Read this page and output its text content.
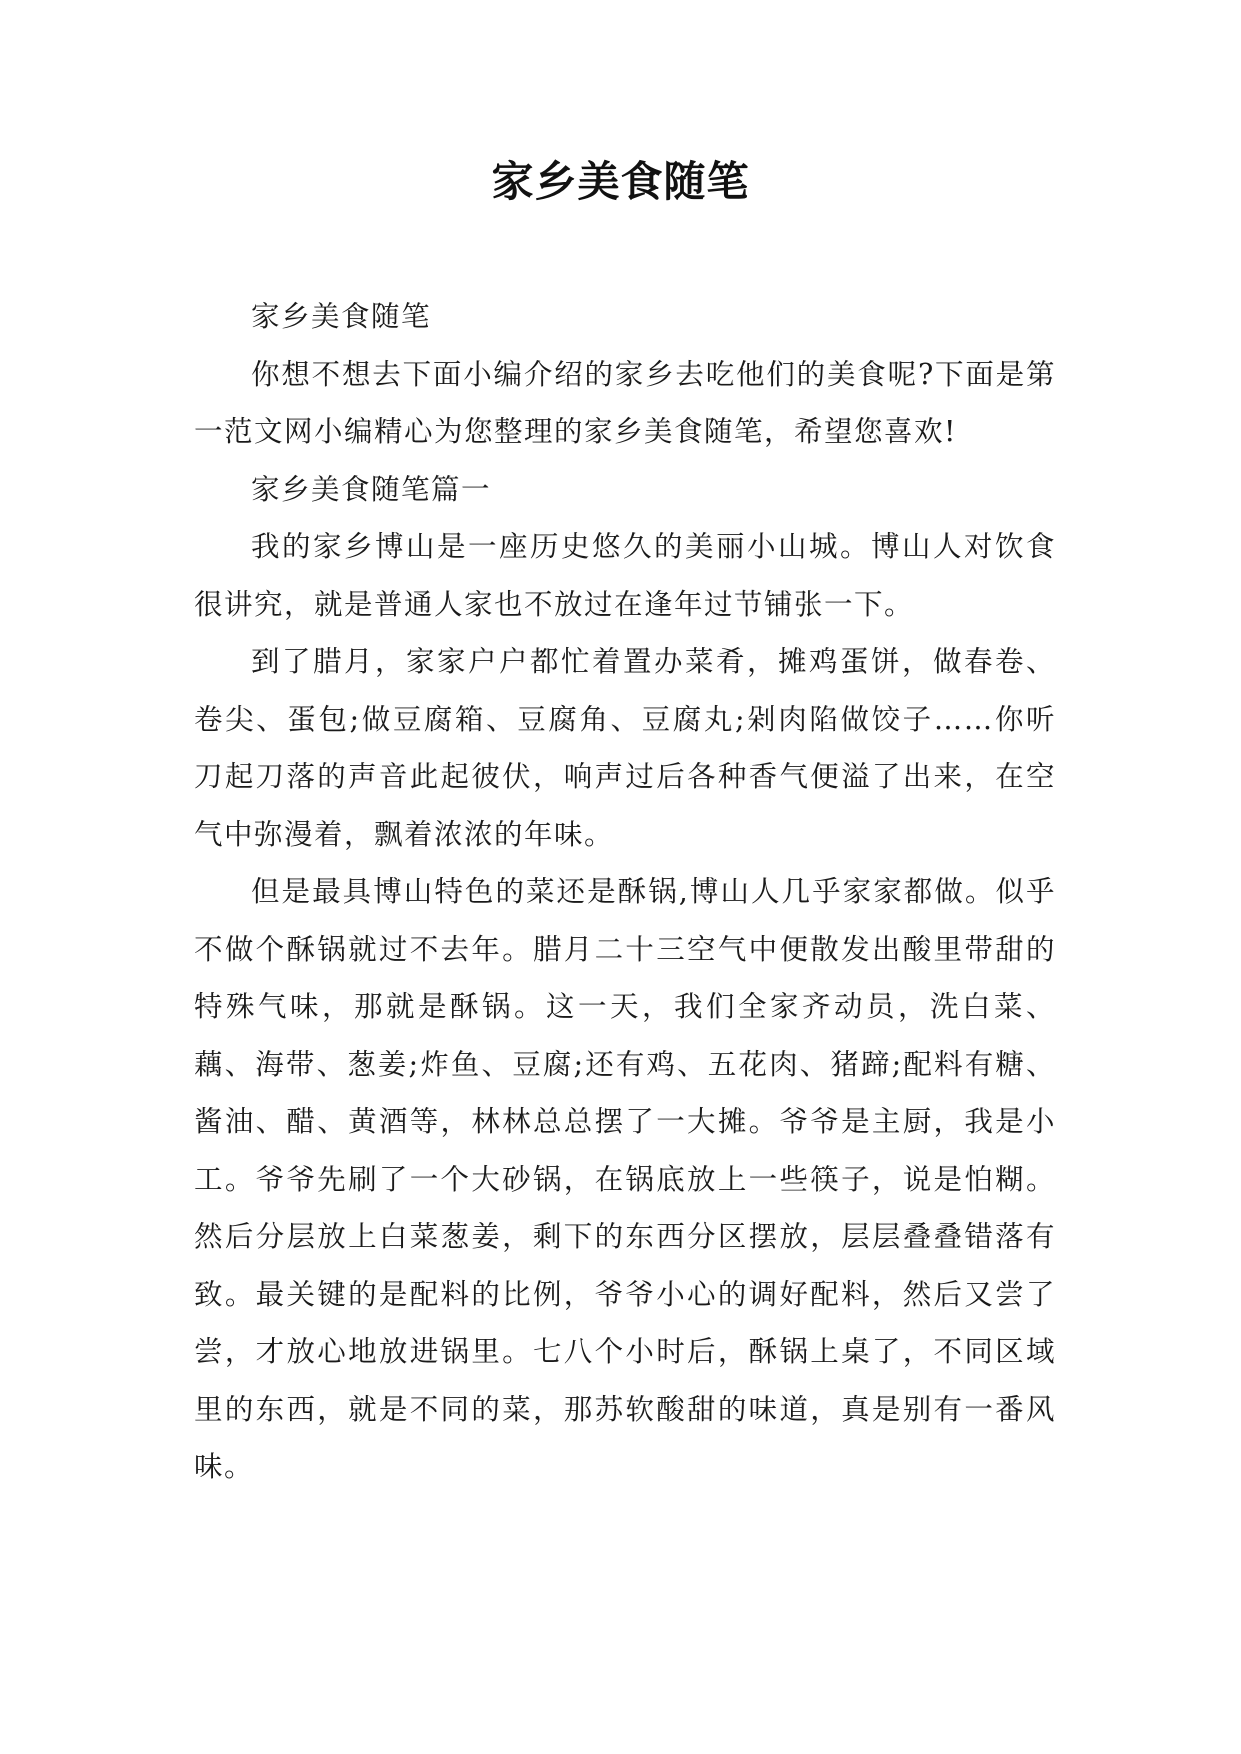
家乡美食随笔

家乡美食随笔

你想不想去下面小编介绍的家乡去吃他们的美食呢?下面是第一范文网小编精心为您整理的家乡美食随笔，希望您喜欢!

家乡美食随笔篇一

我的家乡博山是一座历史悠久的美丽小山城。博山人对饮食很讲究，就是普通人家也不放过在逢年过节铺张一下。

到了腊月，家家户户都忙着置办菜肴，摊鸡蛋饼，做春卷、卷尖、蛋包;做豆腐箱、豆腐角、豆腐丸;剁肉陷做饺子……你听刀起刀落的声音此起彼伏，响声过后各种香气便溢了出来，在空气中弥漫着，飘着浓浓的年味。

但是最具博山特色的菜还是酥锅,博山人几乎家家都做。似乎不做个酥锅就过不去年。腊月二十三空气中便散发出酸里带甜的特殊气味，那就是酥锅。这一天，我们全家齐动员，洗白菜、藕、海带、葱姜;炸鱼、豆腐;还有鸡、五花肉、猪蹄;配料有糖、酱油、醋、黄酒等，林林总总摆了一大摊。爷爷是主厨，我是小工。爷爷先刷了一个大砂锅，在锅底放上一些筷子，说是怕糊。然后分层放上白菜葱姜，剩下的东西分区摆放，层层叠叠错落有致。最关键的是配料的比例，爷爷小心的调好配料，然后又尝了尝，才放心地放进锅里。七八个小时后，酥锅上桌了，不同区域里的东西，就是不同的菜，那苏软酸甜的味道，真是别有一番风味。
